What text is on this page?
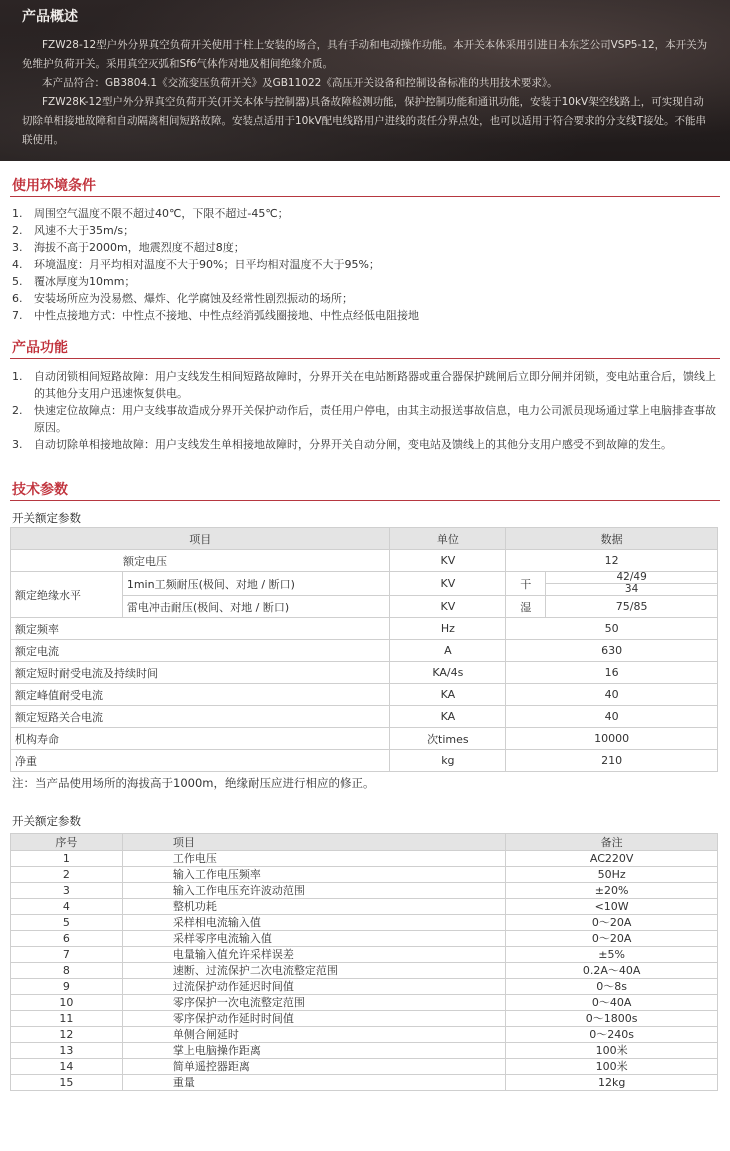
产品概述
FZW28-12型户外分界真空负荷开关使用于柱上安装的场合，具有手动和电动操作功能。本开关本体采用引进日本东芝公司VSP5-12，本开关为免维护负荷开关。采用真空灭弧和Sf6气体作对地及相间绝缘介质。
本产品符合：GB3804.1《交流变压负荷开关》及GB11022《高压开关设备和控制设备标准的共用技术要求》。
FZW28K-12型户外分界真空负荷开关(开关本体与控制器)具备故障检测功能，保护控制功能和通讯功能，安装于10kV架空线路上，可实现自动切除单相接地故障和自动隔离相间短路故障。安装点适用于10kV配电线路用户进线的责任分界点处，也可以适用于符合要求的分支线T接处。不能串联使用。
使用环境条件
1.	周围空气温度不限不超过40℃，下限不超过-45℃；
2.	风速不大于35m/s；
3.	海拔不高于2000m，地震烈度不超过8度；
4.	环境温度：月平均相对温度不大于90%；日平均相对温度不大于95%；
5.	覆冰厚度为10mm；
6.	安装场所应为没易燃、爆炸、化学腐蚀及经常性剧烈振动的场所；
7.	中性点接地方式：中性点不接地、中性点经消弧线圈接地、中性点经低电阻接地
产品功能
1.	自动闭锁相间短路故障：用户支线发生相间短路故障时，分界开关在电站断路器或重合器保护跳闸后立即分闸并闭锁，变电站重合后，馈线上的其他分支用户迅速恢复供电。
2.	快速定位故障点：用户支线事故造成分界开关保护动作后，责任用户停电，由其主动报送事故信息，电力公司派员现场通过掌上电脑排查事故原因。
3.	自动切除单相接地故障：用户支线发生单相接地故障时，分界开关自动分闸，变电站及馈线上的其他分支用户感受不到故障的发生。
技术参数
开关额定参数
项目		单位	数据	
额定电压		KV	12	
额定绝缘水平	1min工频耐压(极间、对地 / 断口)	KV	干	42/49
				34
	雷电冲击耐压(极间、对地 / 断口)	KV	湿	75/85
额定频率		Hz	50	
额定电流		A	630	
额定短时耐受电流及持续时间		KA/4s	16	
额定峰值耐受电流		KA	40	
额定短路关合电流		KA	40	
机构寿命		次times	10000	
净重		kg	210	
注：当产品使用场所的海拔高于1000m，绝缘耐压应进行相应的修正。
开关额定参数
序号	项目	备注
1	工作电压	AC220V
2	输入工作电压频率	50Hz
3	输入工作电压充许波动范围	±20%
4	整机功耗	<10W
5	采样相电流输入值	0～20A
6	采样零序电流输入值	0～20A
7	电量输入值允许采样误差	±5%
8	速断、过流保护二次电流整定范围	0.2A～40A
9	过流保护动作延迟时间值	0～8s
10	零序保护一次电流整定范围	0～40A
11	零序保护动作延时时间值	0～1800s
12	单侧合闸延时	0～240s
13	掌上电脑操作距离	100米
14	简单遥控器距离	100米
15	重量	12kg
